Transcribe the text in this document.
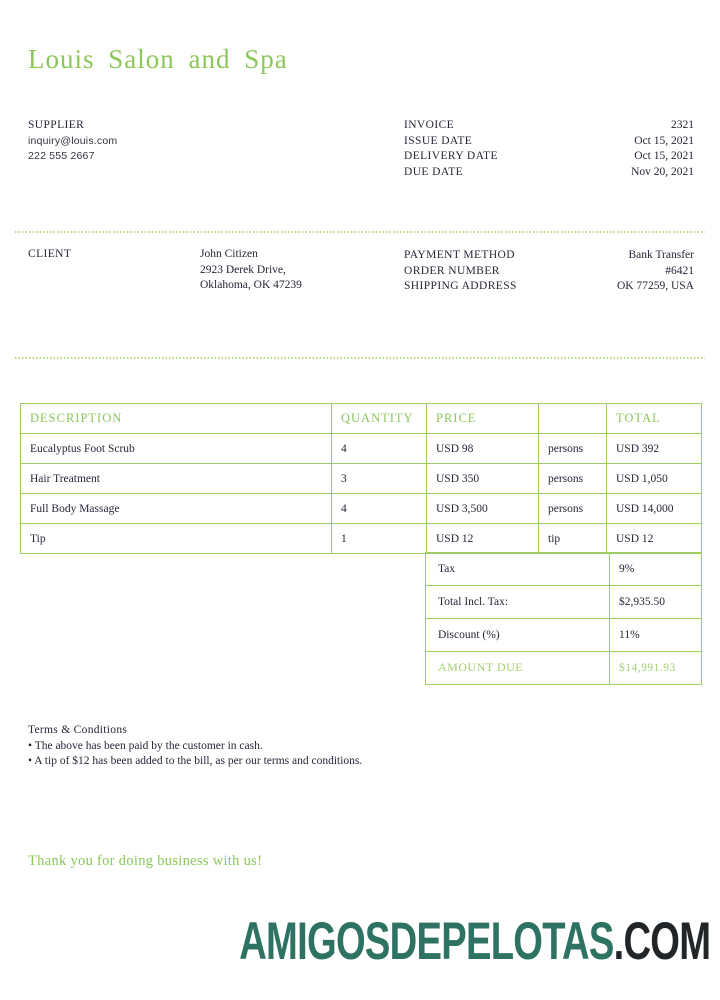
Louis Salon and Spa
SUPPLIER
inquiry@louis.com
222 555 2667
INVOICE	2321
ISSUE DATE	Oct 15, 2021
DELIVERY DATE	Oct 15, 2021
DUE DATE	Nov 20, 2021
CLIENT	John Citizen
2923 Derek Drive,
Oklahoma, OK 47239
PAYMENT METHOD	Bank Transfer
ORDER NUMBER	#6421
SHIPPING ADDRESS	OK 77259, USA
DESCRIPTION	QUANTITY	PRICE		TOTAL
Eucalyptus Foot Scrub	4	USD 98	persons	USD 392
Hair Treatment	3	USD 350	persons	USD 1,050
Full Body Massage	4	USD 3,500	persons	USD 14,000
Tip	1	USD 12	tip	USD 12
Tax	9%
Total Incl. Tax:	$2,935.50
Discount (%)	11%
AMOUNT DUE	$14,991.93
Terms & Conditions
• The above has been paid by the customer in cash.
• A tip of $12 has been added to the bill, as per our terms and conditions.
Thank you for doing business with us!
AMIGOSDEPELOTAS.COM
